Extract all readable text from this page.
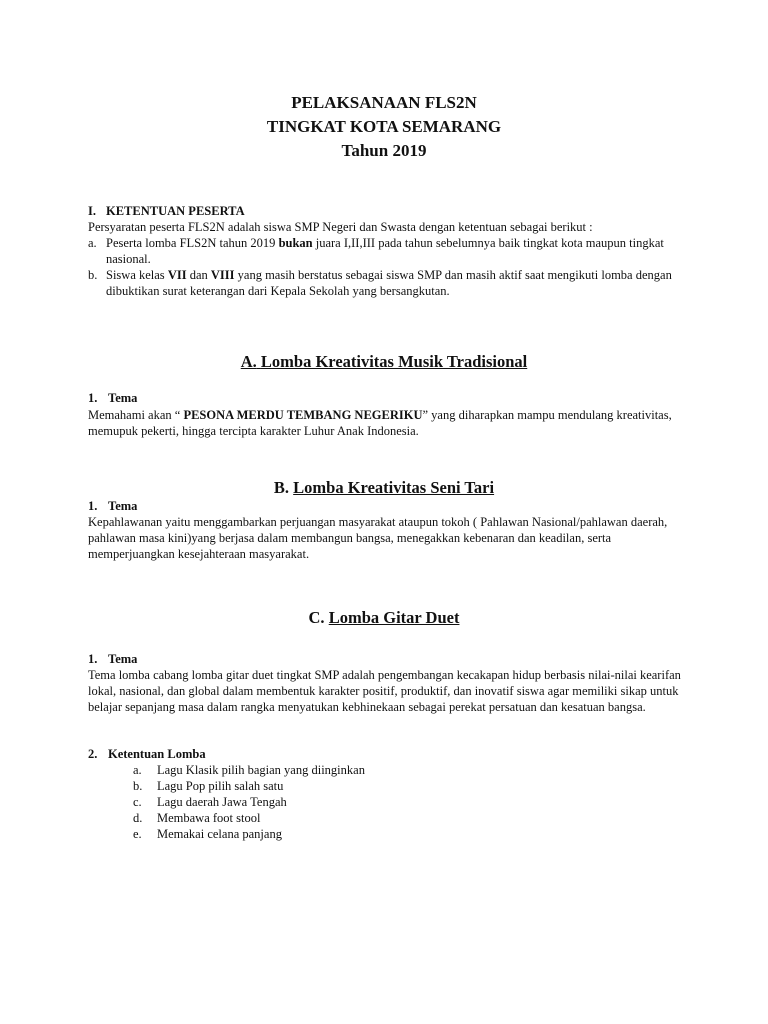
PELAKSANAAN FLS2N
TINGKAT KOTA SEMARANG
Tahun 2019
I. KETENTUAN PESERTA
Persyaratan peserta FLS2N adalah siswa SMP Negeri dan Swasta dengan ketentuan sebagai berikut :
a. Peserta lomba FLS2N tahun 2019 bukan juara I,II,III pada tahun sebelumnya baik tingkat kota maupun tingkat nasional.
b. Siswa kelas VII dan VIII yang masih berstatus sebagai siswa SMP dan masih aktif saat mengikuti lomba dengan dibuktikan surat keterangan dari Kepala Sekolah yang bersangkutan.
A. Lomba Kreativitas Musik Tradisional
1. Tema
Memahami akan “ PESONA MERDU TEMBANG NEGERIKU” yang diharapkan mampu mendulang kreativitas, memupuk pekerti, hingga tercipta karakter Luhur Anak Indonesia.
B. Lomba Kreativitas Seni Tari
1. Tema
Kepahlawanan yaitu menggambarkan perjuangan masyarakat ataupun tokoh ( Pahlawan Nasional/pahlawan daerah, pahlawan masa kini)yang berjasa dalam membangun bangsa, menegakkan kebenaran dan keadilan, serta memperjuangkan kesejahteraan masyarakat.
C. Lomba Gitar Duet
1. Tema
Tema lomba cabang lomba gitar duet tingkat SMP adalah pengembangan kecakapan hidup berbasis nilai-nilai kearifan lokal, nasional, dan global dalam membentuk karakter positif, produktif, dan inovatif siswa agar memiliki sikap untuk belajar sepanjang masa dalam rangka menyatukan kebhinekaan sebagai perekat persatuan dan kesatuan bangsa.
2. Ketentuan Lomba
a.	Lagu Klasik pilih bagian yang diinginkan
b.	Lagu Pop pilih salah satu
c.	Lagu daerah Jawa Tengah
d.	Membawa foot stool
e.	Memakai celana panjang
